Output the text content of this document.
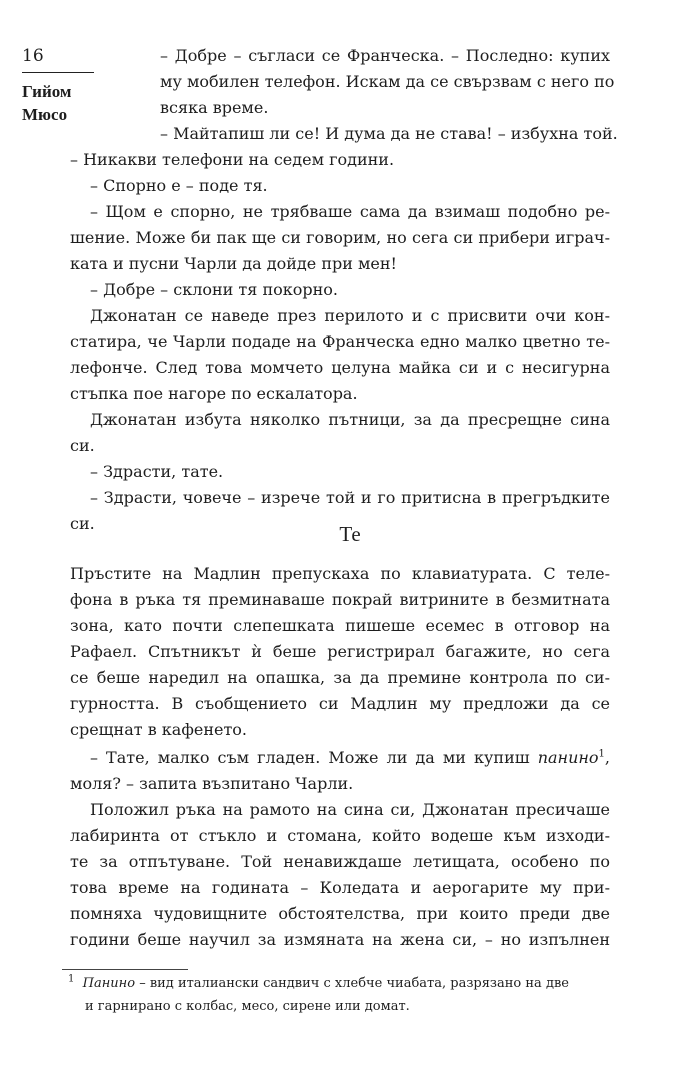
16
Гийом
Мюсо
– Добре – съгласи се Франческа. – Последно: купих
му мобилен телефон. Искам да се свързвам с него по
всяка време.
– Майтапиш ли се! И дума да не става! – избухна той.
– Никакви телефони на седем години.
– Спорно е – поде тя.
– Щом е спорно, не трябваше сама да взимаш подобно ре-
шение. Може би пак ще си говорим, но сега си прибери играч-
ката и пусни Чарли да дойде при мен!
– Добре – склони тя покорно.
Джонатан се наведе през перилото и с присвити очи кон-
статира, че Чарли подаде на Франческа едно малко цветно те-
лефонче. След това момчето целуна майка си и с несигурна
стъпка пое нагоре по ескалатора.
Джонатан избута няколко пътници, за да пресрещне сина
си.
– Здрасти, тате.
– Здрасти, човече – изрече той и го притисна в прегръдките
си.	Те
Пръстите на Мадлин препускаха по клавиатурата. С теле-
фона в ръка тя преминаваше покрай витрините в безмитната
зона, като почти слепешката пишеше есемес в отговор на
Рафаел. Спътникът ѝ беше регистрирал багажите, но сега
се беше наредил на опашка, за да премине контрола по си-
гурността. В съобщението си Мадлин му предложи да се
срещнат в кафенето.
– Тате, малко съм гладен. Може ли да ми купиш панино$^1$,
моля? – запита възпитано Чарли.
Положил ръка на рамото на сина си, Джонатан пресичаше
лабиринта от стъкло и стомана, който водеше към изходи-
те за отпътуване. Той ненавиждаше летищата, особено по
това време на годината – Коледата и аерогарите му при-
помняха чудовищните обстоятелства, при които преди две
години беше научил за измяната на жена си, – но изпълнен
$^1$ Панино – вид италиански сандвич с хлебче чиабата, разрязано на две
и гарнирано с колбас, месо, сирене или домат.
